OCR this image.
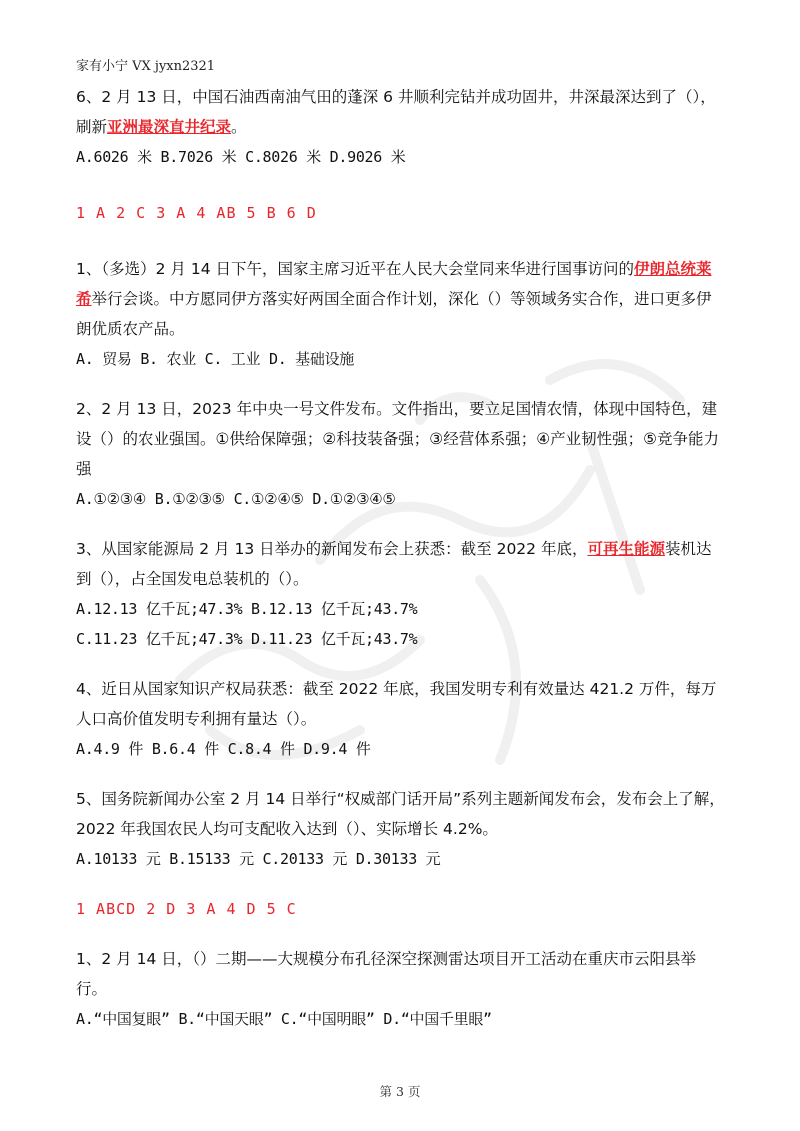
家有小宁 VX jyxn2321

6、2 月 13 日，中国石油西南油气田的蓬深 6 井顺利完钻并成功固井，井深最深达到了（），刷新亚洲最深直井纪录。

A.6026 米 B.7026 米 C.8026 米 D.9026 米

1 A 2 C 3 A 4 AB 5 B 6 D

1、（多选）2 月 14 日下午，国家主席习近平在人民大会堂同来华进行国事访问的伊朗总统莱希举行会谈。中方愿同伊方落实好两国全面合作计划，深化（）等领域务实合作，进口更多伊朗优质农产品。

A. 贸易 B. 农业 C. 工业 D. 基础设施

2、2 月 13 日，2023 年中央一号文件发布。文件指出，要立足国情农情，体现中国特色，建设（）的农业强国。①供给保障强；②科技装备强；③经营体系强；④产业韧性强；⑤竞争能力强

A.①②③④ B.①②③⑤ C.①②④⑤ D.①②③④⑤

3、从国家能源局 2 月 13 日举办的新闻发布会上获悉：截至 2022 年底，可再生能源装机达到（），占全国发电总装机的（）。

A.12.13 亿千瓦;47.3% B.12.13 亿千瓦;43.7%

C.11.23 亿千瓦;47.3% D.11.23 亿千瓦;43.7%

4、近日从国家知识产权局获悉：截至 2022 年底，我国发明专利有效量达 421.2 万件，每万人口高价值发明专利拥有量达（）。

A.4.9 件 B.6.4 件 C.8.4 件 D.9.4 件

5、国务院新闻办公室 2 月 14 日举行“权威部门话开局”系列主题新闻发布会，发布会上了解，2022 年我国农民人均可支配收入达到（）、实际增长 4.2%。

A.10133 元 B.15133 元 C.20133 元 D.30133 元

1 ABCD 2 D 3 A 4 D 5 C

1、2 月 14 日，（）二期——大规模分布孔径深空探测雷达项目开工活动在重庆市云阳县举行。

A.“中国复眼” B.“中国天眼” C.“中国明眼” D.“中国千里眼”

第 3 页
